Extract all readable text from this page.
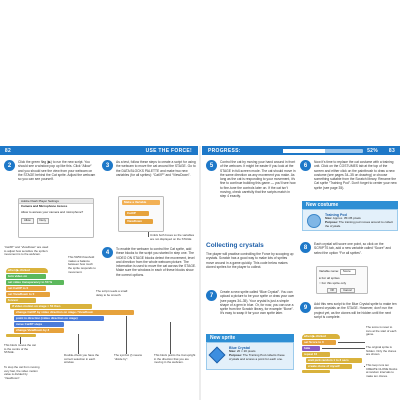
82	USE THE FORCE!	PROGRESS:	52%	83
2
Click the green flag (▶) to run the new script. You should see a window pop up like this. Click “Allow” and you should see the view from your webcam on the STAGE behind the Cat sprite. Adjust the webcam so you can see yourself.
Adobe Flash Player Settings
Camera and Microphone Access
Allow to access your camera and microphone?
Allow	Deny
3
As a test, follow these steps to create a script for using the webcam to move the cat around the STAGE. Go to the DATA BLOCKS PALETTE and make two new variables (for all sprites): “CatXP” and “ViewDown”.
Make a Variable
CatXP
ViewDown
Untick both boxes so the variables are not displayed on the STAGE.
“CatXP” and “ViewDown” are used to adjust how sensitive the sprite’s movement is to the webcam.	4
To enable the webcam to control the Cat sprite, add these blocks to the script you started in step one. The VIDEO ON STAGE blocks detect the movement, level and direction from the whole webcam picture. The information is used to move the cat across the STAGE. Make sure the windows in each of these blocks show the correct options.
This 50/50 threshold makes a balance between how much the sprite responds to movement.
when ▶ clicked
turn video on
set video transparency to 50 %
set CatXP to 0
set ViewDown to 0
forever
if video motion on stage > 50 then
change CatXP by video direction on stage / ViewDown
point in direction (video direction on stage)
move CatXP steps
change ViewDown by 3
The script needs a small delay to be smooth.
This block moves the cat to the centre of the STAGE.
This block points the Cat upright in the direction that you are moving in the webcam.
To stop the cat from moving very fast, the video motion value is divided by “ViewDown”.
Double-check you have the correct selection in each window.
The symbol (/) means “divide by”.
5
Control the cat by moving your hand around in front of the webcam. It might be easier if you look at the STAGE in full-screen mode. The cat should move in the same direction as any movement you make. As long as the cat is responding to your movement, it’s fine to continue building this game — you’ll see how to fine-tune the controls later on. If the cat isn’t moving, check carefully that the scripts match in step 4 exactly.
6
Now it’s time to replace the cat costume with a training unit. Click on the COSTUMES tab at the top of the screen and either click on the paintbrush to draw a new costume (see pages 34–35 on drawing) or choose something suitable from the Scratch library. Rename the Cat sprite “Training Pod”. Don’t forget to center your new sprite (see page 35).
New costume
Training Pod
Size: Approx. 35×35 pixels
Purpose: The training pod moves around to collect the crystals.
Collecting crystals
The player will practise controlling the Force by scooping up crystals. Scratch has a good way to make lots of sprites move around in a game quickly. This code below makes cloned sprites for the player to collect.
7
Create a new sprite called “Blue Crystal”. You can upload a picture to be your sprite or draw your own (see pages 34–35). Your crystal is just a simple shape of a gem in blue. Or, for now, you can use a sprite from the Scratch library, for example “Bone”. It’s easy to swap it for your own sprite later.
New sprite
Blue Crystal
Size: 20 × 20 pixels
Purpose: The Training Pod collects these crystals and scores a point for each one.
8
Each crystal will score one point, so click on the SCRIPTS tab, add a new variable called “Score” and select the option “For all sprites”.
Variable name: Score
● For all sprites
○ For this sprite only
OK	Cancel
9
Add this new script to the Blue Crystal sprite to make ten cloned crystals on the STAGE. However, don’t run the project yet, as the clones will be hidden until the next script is complete.
when ▶ clicked
set Score to 0
hide
repeat 10
wait pick random 1 to 3 secs
create clone of myself
The score is reset to zero at the start of each game.
The original sprite is hidden. Only the clones are shown.
This loop runs ten CREATE CLONE blocks at random intervals to make ten clones.
